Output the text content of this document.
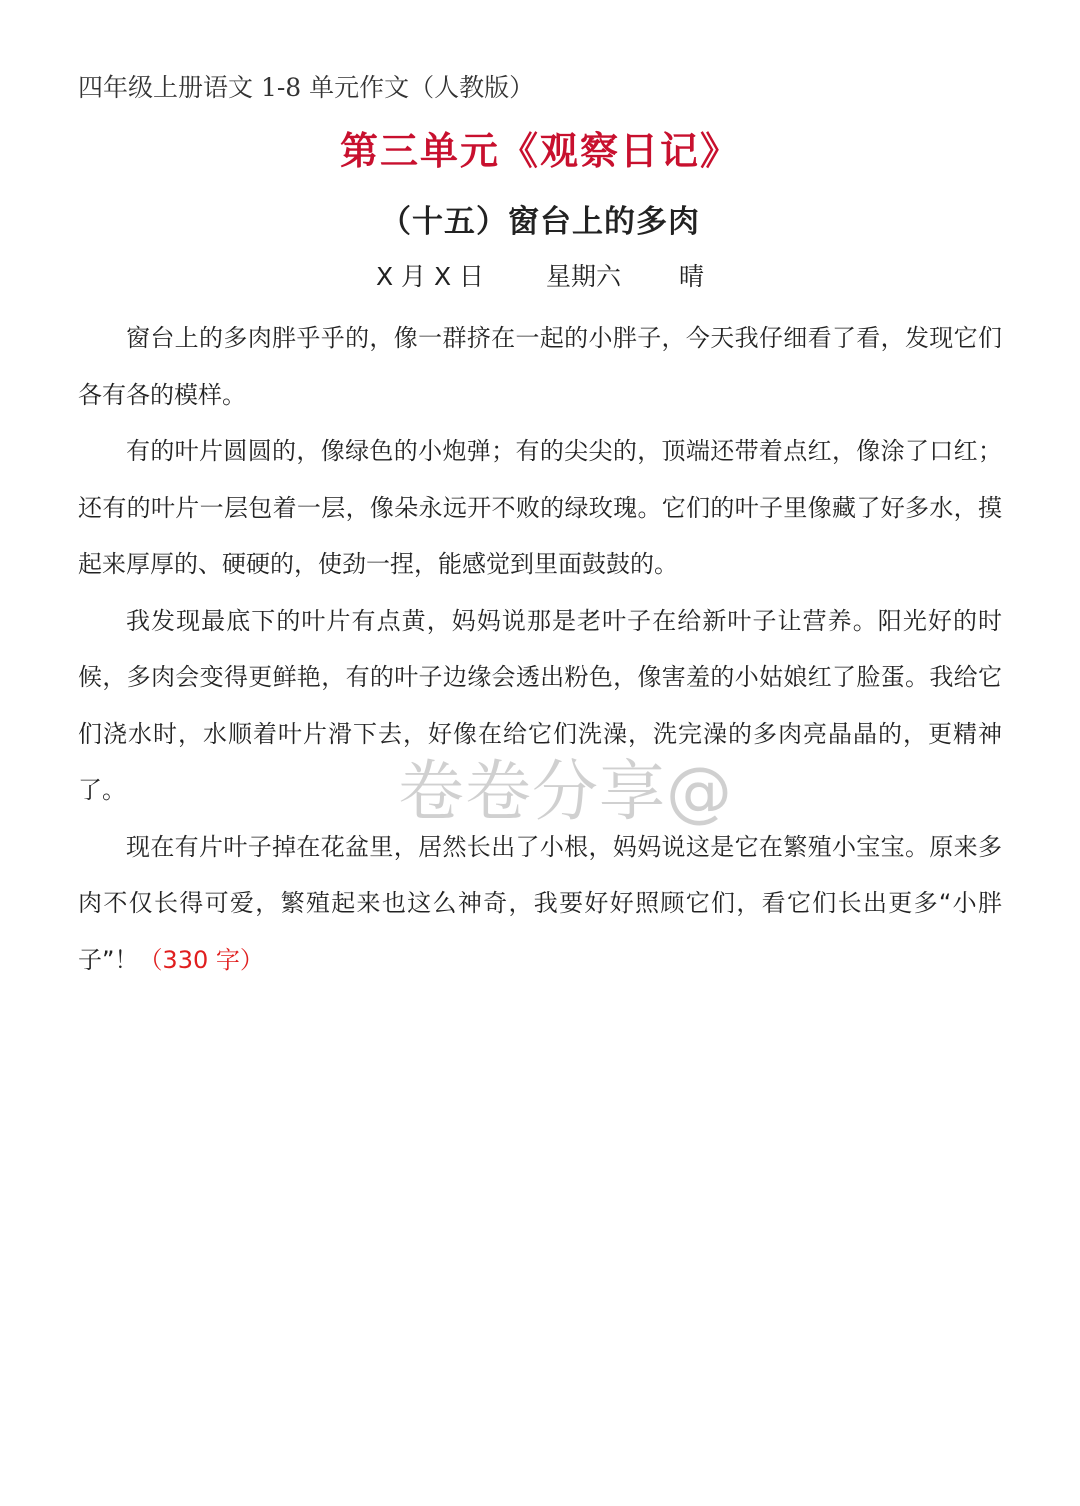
四年级上册语文 1-8 单元作文（人教版）
第三单元《观察日记》
（十五）窗台上的多肉
X 月 X 日 星期六 晴

窗台上的多肉胖乎乎的，像一群挤在一起的小胖子，今天我仔细看了看，发现它们各有各的模样。

有的叶片圆圆的，像绿色的小炮弹；有的尖尖的，顶端还带着点红，像涂了口红；还有的叶片一层包着一层，像朵永远开不败的绿玫瑰。它们的叶子里像藏了好多水，摸起来厚厚的、硬硬的，使劲一捏，能感觉到里面鼓鼓的。

我发现最底下的叶片有点黄，妈妈说那是老叶子在给新叶子让营养。阳光好的时候，多肉会变得更鲜艳，有的叶子边缘会透出粉色，像害羞的小姑娘红了脸蛋。我给它们浇水时，水顺着叶片滑下去，好像在给它们洗澡，洗完澡的多肉亮晶晶的，更精神了。

现在有片叶子掉在花盆里，居然长出了小根，妈妈说这是它在繁殖小宝宝。原来多肉不仅长得可爱，繁殖起来也这么神奇，我要好好照顾它们，看它们长出更多“小胖子”！（330 字）

卷卷分享@
